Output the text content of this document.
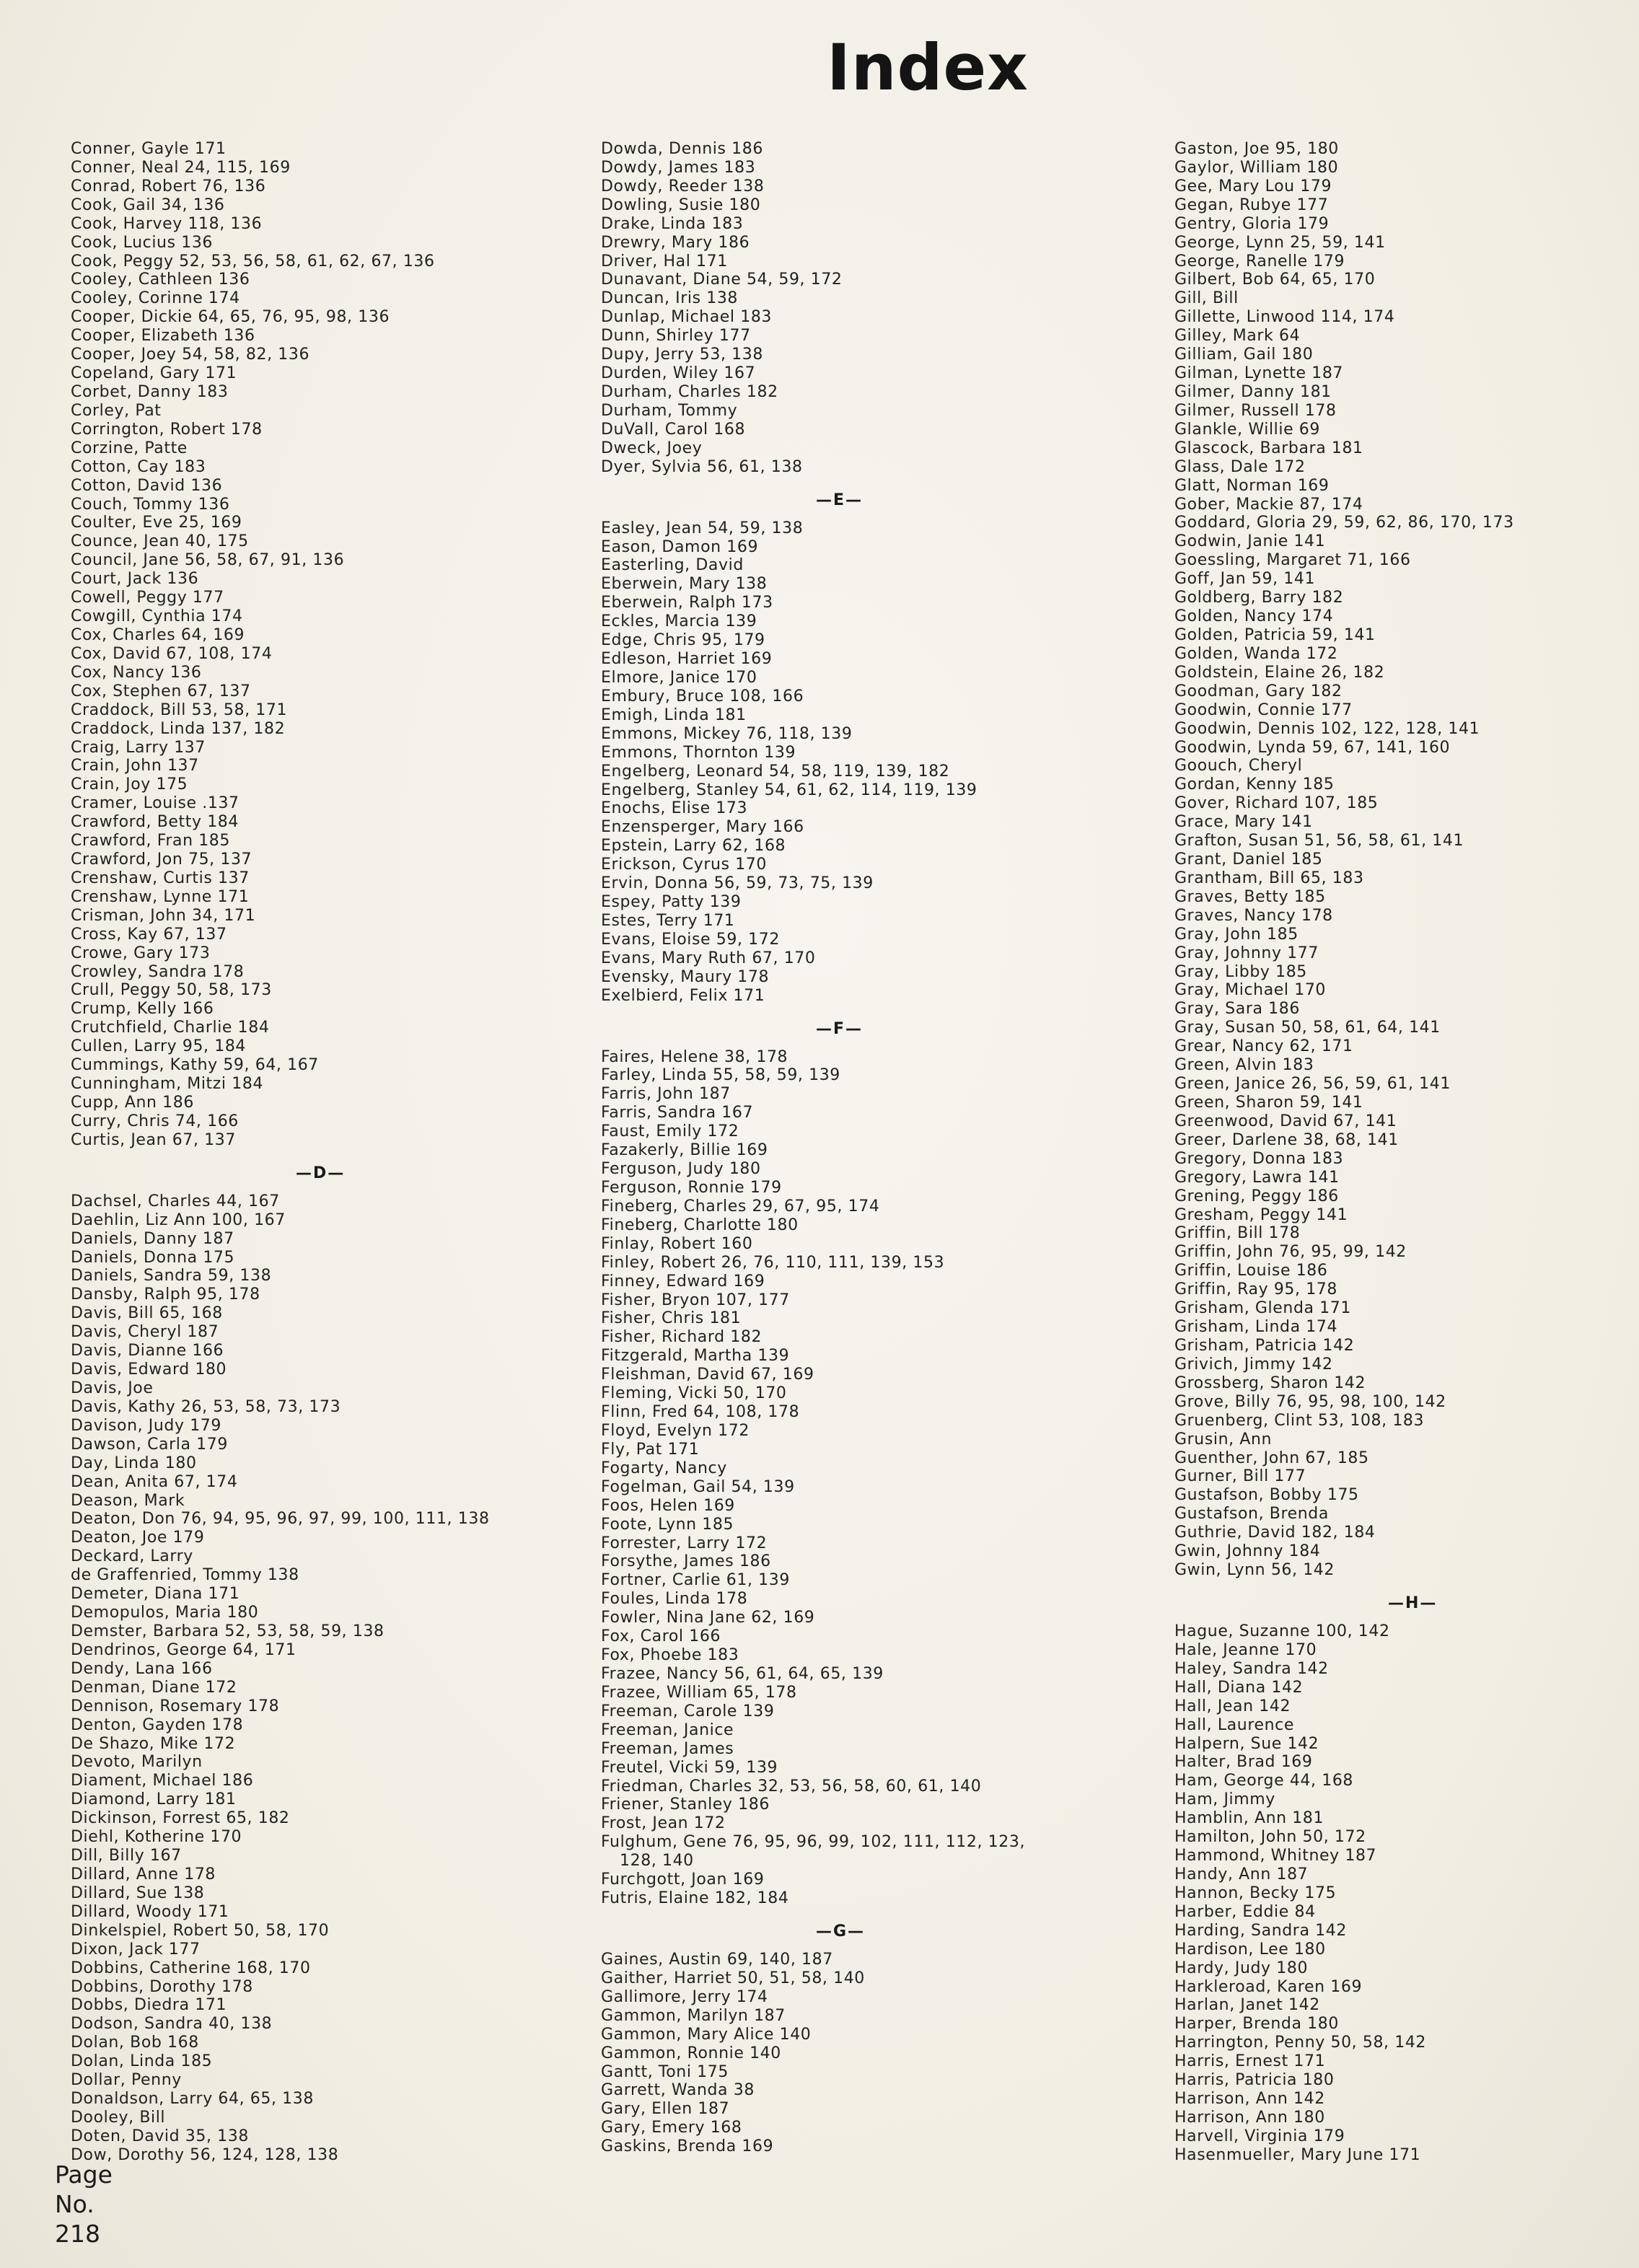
Index
Conner, Gayle 171
Conner, Neal 24, 115, 169
Conrad, Robert 76, 136
Cook, Gail 34, 136
Cook, Harvey 118, 136
Cook, Lucius 136
Cook, Peggy 52, 53, 56, 58, 61, 62, 67, 136
Cooley, Cathleen 136
Cooley, Corinne 174
Cooper, Dickie 64, 65, 76, 95, 98, 136
Cooper, Elizabeth 136
Cooper, Joey 54, 58, 82, 136
Copeland, Gary 171
Corbet, Danny 183
Corley, Pat
Corrington, Robert 178
Corzine, Patte
Cotton, Cay 183
Cotton, David 136
Couch, Tommy 136
Coulter, Eve 25, 169
Counce, Jean 40, 175
Council, Jane 56, 58, 67, 91, 136
Court, Jack 136
Cowell, Peggy 177
Cowgill, Cynthia 174
Cox, Charles 64, 169
Cox, David 67, 108, 174
Cox, Nancy 136
Cox, Stephen 67, 137
Craddock, Bill 53, 58, 171
Craddock, Linda 137, 182
Craig, Larry 137
Crain, John 137
Crain, Joy 175
Cramer, Louise .137
Crawford, Betty 184
Crawford, Fran 185
Crawford, Jon 75, 137
Crenshaw, Curtis 137
Crenshaw, Lynne 171
Crisman, John 34, 171
Cross, Kay 67, 137
Crowe, Gary 173
Crowley, Sandra 178
Crull, Peggy 50, 58, 173
Crump, Kelly 166
Crutchfield, Charlie 184
Cullen, Larry 95, 184
Cummings, Kathy 59, 64, 167
Cunningham, Mitzi 184
Cupp, Ann 186
Curry, Chris 74, 166
Curtis, Jean 67, 137
—D—
Dachsel, Charles 44, 167
Daehlin, Liz Ann 100, 167
Daniels, Danny 187
Daniels, Donna 175
Daniels, Sandra 59, 138
Dansby, Ralph 95, 178
Davis, Bill 65, 168
Davis, Cheryl 187
Davis, Dianne 166
Davis, Edward 180
Davis, Joe
Davis, Kathy 26, 53, 58, 73, 173
Davison, Judy 179
Dawson, Carla 179
Day, Linda 180
Dean, Anita 67, 174
Deason, Mark
Deaton, Don 76, 94, 95, 96, 97, 99, 100, 111, 138
Deaton, Joe 179
Deckard, Larry
de Graffenried, Tommy 138
Demeter, Diana 171
Demopulos, Maria 180
Demster, Barbara 52, 53, 58, 59, 138
Dendrinos, George 64, 171
Dendy, Lana 166
Denman, Diane 172
Dennison, Rosemary 178
Denton, Gayden 178
De Shazo, Mike 172
Devoto, Marilyn
Diament, Michael 186
Diamond, Larry 181
Dickinson, Forrest 65, 182
Diehl, Kotherine 170
Dill, Billy 167
Dillard, Anne 178
Dillard, Sue 138
Dillard, Woody 171
Dinkelspiel, Robert 50, 58, 170
Dixon, Jack 177
Dobbins, Catherine 168, 170
Dobbins, Dorothy 178
Dobbs, Diedra 171
Dodson, Sandra 40, 138
Dolan, Bob 168
Dolan, Linda 185
Dollar, Penny
Donaldson, Larry 64, 65, 138
Dooley, Bill
Doten, David 35, 138
Dow, Dorothy 56, 124, 128, 138
Dowda, Dennis 186
Dowdy, James 183
Dowdy, Reeder 138
Dowling, Susie 180
Drake, Linda 183
Drewry, Mary 186
Driver, Hal 171
Dunavant, Diane 54, 59, 172
Duncan, Iris 138
Dunlap, Michael 183
Dunn, Shirley 177
Dupy, Jerry 53, 138
Durden, Wiley 167
Durham, Charles 182
Durham, Tommy
DuVall, Carol 168
Dweck, Joey
Dyer, Sylvia 56, 61, 138
—E—
Easley, Jean 54, 59, 138
Eason, Damon 169
Easterling, David
Eberwein, Mary 138
Eberwein, Ralph 173
Eckles, Marcia 139
Edge, Chris 95, 179
Edleson, Harriet 169
Elmore, Janice 170
Embury, Bruce 108, 166
Emigh, Linda 181
Emmons, Mickey 76, 118, 139
Emmons, Thornton 139
Engelberg, Leonard 54, 58, 119, 139, 182
Engelberg, Stanley 54, 61, 62, 114, 119, 139
Enochs, Elise 173
Enzensperger, Mary 166
Epstein, Larry 62, 168
Erickson, Cyrus 170
Ervin, Donna 56, 59, 73, 75, 139
Espey, Patty 139
Estes, Terry 171
Evans, Eloise 59, 172
Evans, Mary Ruth 67, 170
Evensky, Maury 178
Exelbierd, Felix 171
—F—
Faires, Helene 38, 178
Farley, Linda 55, 58, 59, 139
Farris, John 187
Farris, Sandra 167
Faust, Emily 172
Fazakerly, Billie 169
Ferguson, Judy 180
Ferguson, Ronnie 179
Fineberg, Charles 29, 67, 95, 174
Fineberg, Charlotte 180
Finlay, Robert 160
Finley, Robert 26, 76, 110, 111, 139, 153
Finney, Edward 169
Fisher, Bryon 107, 177
Fisher, Chris 181
Fisher, Richard 182
Fitzgerald, Martha 139
Fleishman, David 67, 169
Fleming, Vicki 50, 170
Flinn, Fred 64, 108, 178
Floyd, Evelyn 172
Fly, Pat 171
Fogarty, Nancy
Fogelman, Gail 54, 139
Foos, Helen 169
Foote, Lynn 185
Forrester, Larry 172
Forsythe, James 186
Fortner, Carlie 61, 139
Foules, Linda 178
Fowler, Nina Jane 62, 169
Fox, Carol 166
Fox, Phoebe 183
Frazee, Nancy 56, 61, 64, 65, 139
Frazee, William 65, 178
Freeman, Carole 139
Freeman, Janice
Freeman, James
Freutel, Vicki 59, 139
Friedman, Charles 32, 53, 56, 58, 60, 61, 140
Friener, Stanley 186
Frost, Jean 172
Fulghum, Gene 76, 95, 96, 99, 102, 111, 112, 123,
128, 140
Furchgott, Joan 169
Futris, Elaine 182, 184
—G—
Gaines, Austin 69, 140, 187
Gaither, Harriet 50, 51, 58, 140
Gallimore, Jerry 174
Gammon, Marilyn 187
Gammon, Mary Alice 140
Gammon, Ronnie 140
Gantt, Toni 175
Garrett, Wanda 38
Gary, Ellen 187
Gary, Emery 168
Gaskins, Brenda 169
Gaston, Joe 95, 180
Gaylor, William 180
Gee, Mary Lou 179
Gegan, Rubye 177
Gentry, Gloria 179
George, Lynn 25, 59, 141
George, Ranelle 179
Gilbert, Bob 64, 65, 170
Gill, Bill
Gillette, Linwood 114, 174
Gilley, Mark 64
Gilliam, Gail 180
Gilman, Lynette 187
Gilmer, Danny 181
Gilmer, Russell 178
Glankle, Willie 69
Glascock, Barbara 181
Glass, Dale 172
Glatt, Norman 169
Gober, Mackie 87, 174
Goddard, Gloria 29, 59, 62, 86, 170, 173
Godwin, Janie 141
Goessling, Margaret 71, 166
Goff, Jan 59, 141
Goldberg, Barry 182
Golden, Nancy 174
Golden, Patricia 59, 141
Golden, Wanda 172
Goldstein, Elaine 26, 182
Goodman, Gary 182
Goodwin, Connie 177
Goodwin, Dennis 102, 122, 128, 141
Goodwin, Lynda 59, 67, 141, 160
Goouch, Cheryl
Gordan, Kenny 185
Gover, Richard 107, 185
Grace, Mary 141
Grafton, Susan 51, 56, 58, 61, 141
Grant, Daniel 185
Grantham, Bill 65, 183
Graves, Betty 185
Graves, Nancy 178
Gray, John 185
Gray, Johnny 177
Gray, Libby 185
Gray, Michael 170
Gray, Sara 186
Gray, Susan 50, 58, 61, 64, 141
Grear, Nancy 62, 171
Green, Alvin 183
Green, Janice 26, 56, 59, 61, 141
Green, Sharon 59, 141
Greenwood, David 67, 141
Greer, Darlene 38, 68, 141
Gregory, Donna 183
Gregory, Lawra 141
Grening, Peggy 186
Gresham, Peggy 141
Griffin, Bill 178
Griffin, John 76, 95, 99, 142
Griffin, Louise 186
Griffin, Ray 95, 178
Grisham, Glenda 171
Grisham, Linda 174
Grisham, Patricia 142
Grivich, Jimmy 142
Grossberg, Sharon 142
Grove, Billy 76, 95, 98, 100, 142
Gruenberg, Clint 53, 108, 183
Grusin, Ann
Guenther, John 67, 185
Gurner, Bill 177
Gustafson, Bobby 175
Gustafson, Brenda
Guthrie, David 182, 184
Gwin, Johnny 184
Gwin, Lynn 56, 142
—H—
Hague, Suzanne 100, 142
Hale, Jeanne 170
Haley, Sandra 142
Hall, Diana 142
Hall, Jean 142
Hall, Laurence
Halpern, Sue 142
Halter, Brad 169
Ham, George 44, 168
Ham, Jimmy
Hamblin, Ann 181
Hamilton, John 50, 172
Hammond, Whitney 187
Handy, Ann 187
Hannon, Becky 175
Harber, Eddie 84
Harding, Sandra 142
Hardison, Lee 180
Hardy, Judy 180
Harkleroad, Karen 169
Harlan, Janet 142
Harper, Brenda 180
Harrington, Penny 50, 58, 142
Harris, Ernest 171
Harris, Patricia 180
Harrison, Ann 142
Harrison, Ann 180
Harvell, Virginia 179
Hasenmueller, Mary June 171
Page
No.
218
